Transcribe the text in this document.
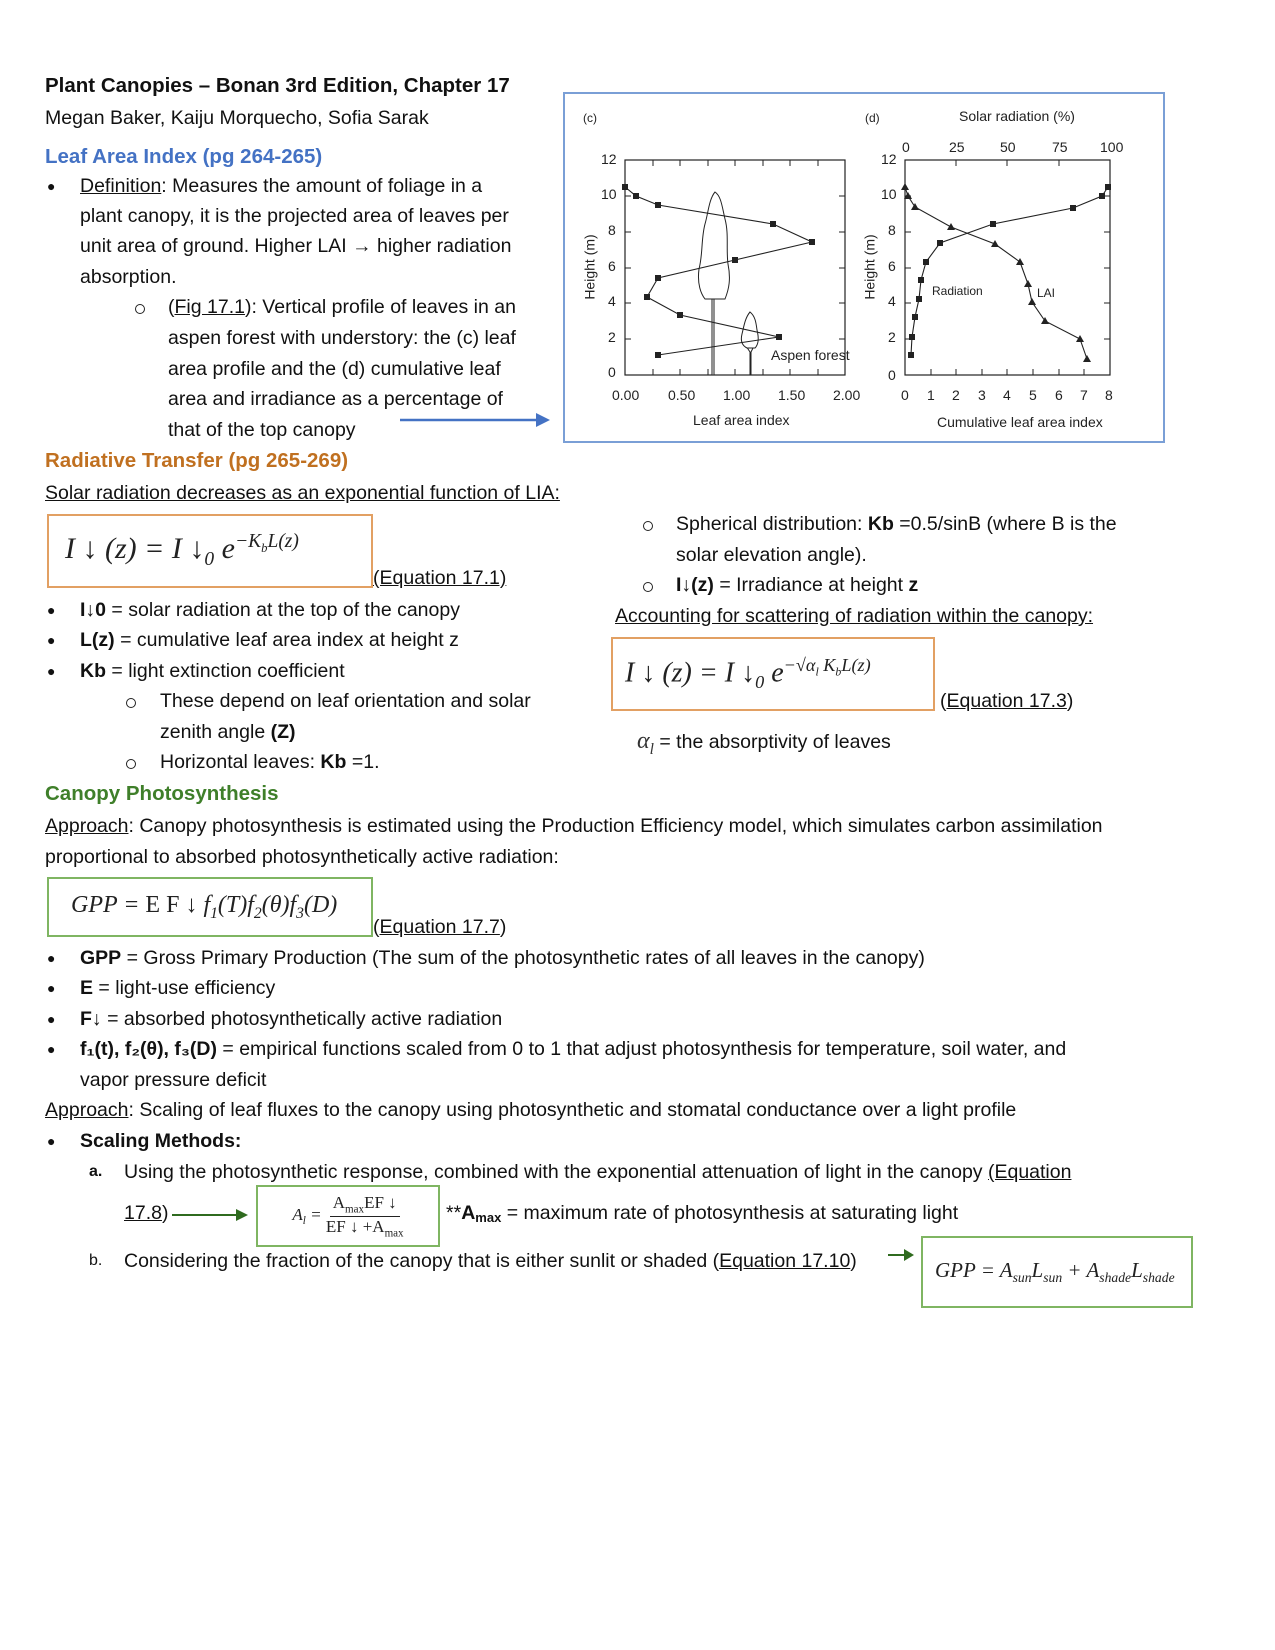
Plant Canopies – Bonan 3rd Edition, Chapter 17
Megan Baker, Kaiju Morquecho, Sofia Sarak
Leaf Area Index (pg 264-265)
● Definition: Measures the amount of foliage in a
plant canopy, it is the projected area of leaves per
unit area of ground. Higher LAI → higher radiation
absorption.
(Fig 17.1): Vertical profile of leaves in an
aspen forest with understory: the (c) leaf
area profile and the (d) cumulative leaf
area and irradiance as a percentage of
that of the top canopy
(c)
12
10
8
6
4
2
0
Height (m)
0.00 0.50 1.00 1.50 2.00
Leaf area index
Aspen forest
(d)	Solar radiation (%)
0	25	50	75 100
12
10
8
6
4
2
0
Height (m)
0 1 2 3 4 5 6 7 8
Cumulative leaf area index
Radiation	LAI
Radiative Transfer (pg 265-269)
Solar radiation decreases as an exponential function of LIA:
I ↓ (z) = I $↓_0$ $e^{-K_bL(z)}$
(Equation 17.1)
● I↓0 = solar radiation at the top of the canopy
● L(z) = cumulative leaf area index at height z
● Kb = light extinction coefficient
These depend on leaf orientation and solar
zenith angle (Z)
Horizontal leaves: Kb =1.
Spherical distribution: Kb =0.5/sinB (where B is the
solar elevation angle).
I↓(z) = Irradiance at height z
Accounting for scattering of radiation within the canopy:
I ↓ (z) = I $↓_0$ $e^{-√\alpha_l K_bL(z)}$
(Equation 17.3)
$\alpha_l$ = the absorptivity of leaves
Canopy Photosynthesis
Approach: Canopy photosynthesis is estimated using the Production Efficiency model, which simulates carbon assimilation
proportional to absorbed photosynthetically active radiation:
GPP = E F ↓ $f_1(T)f_2(\theta)f_3(D)$
(Equation 17.7)
● GPP = Gross Primary Production (The sum of the photosynthetic rates of all leaves in the canopy)
● E = light-use efficiency
● F↓ = absorbed photosynthetically active radiation
● f₁(t), f₂(θ), f₃(D) = empirical functions scaled from 0 to 1 that adjust photosynthesis for temperature, soil water, and
vapor pressure deficit
Approach: Scaling of leaf fluxes to the canopy using photosynthetic and stomatal conductance over a light profile
● Scaling Methods:
a. Using the photosynthetic response, combined with the exponential attenuation of light in the canopy (Equation
17.8)	$A_l = \frac{A_{max}EF ↓}{EF ↓ +A_{max}} **Amax$ = maximum rate of photosynthesis at saturating light
b. Considering the fraction of the canopy that is either sunlit or shaded (Equation 17.10)	GPP = $A_{sun}L_{sun} + A_{shade}L_{shade}$
